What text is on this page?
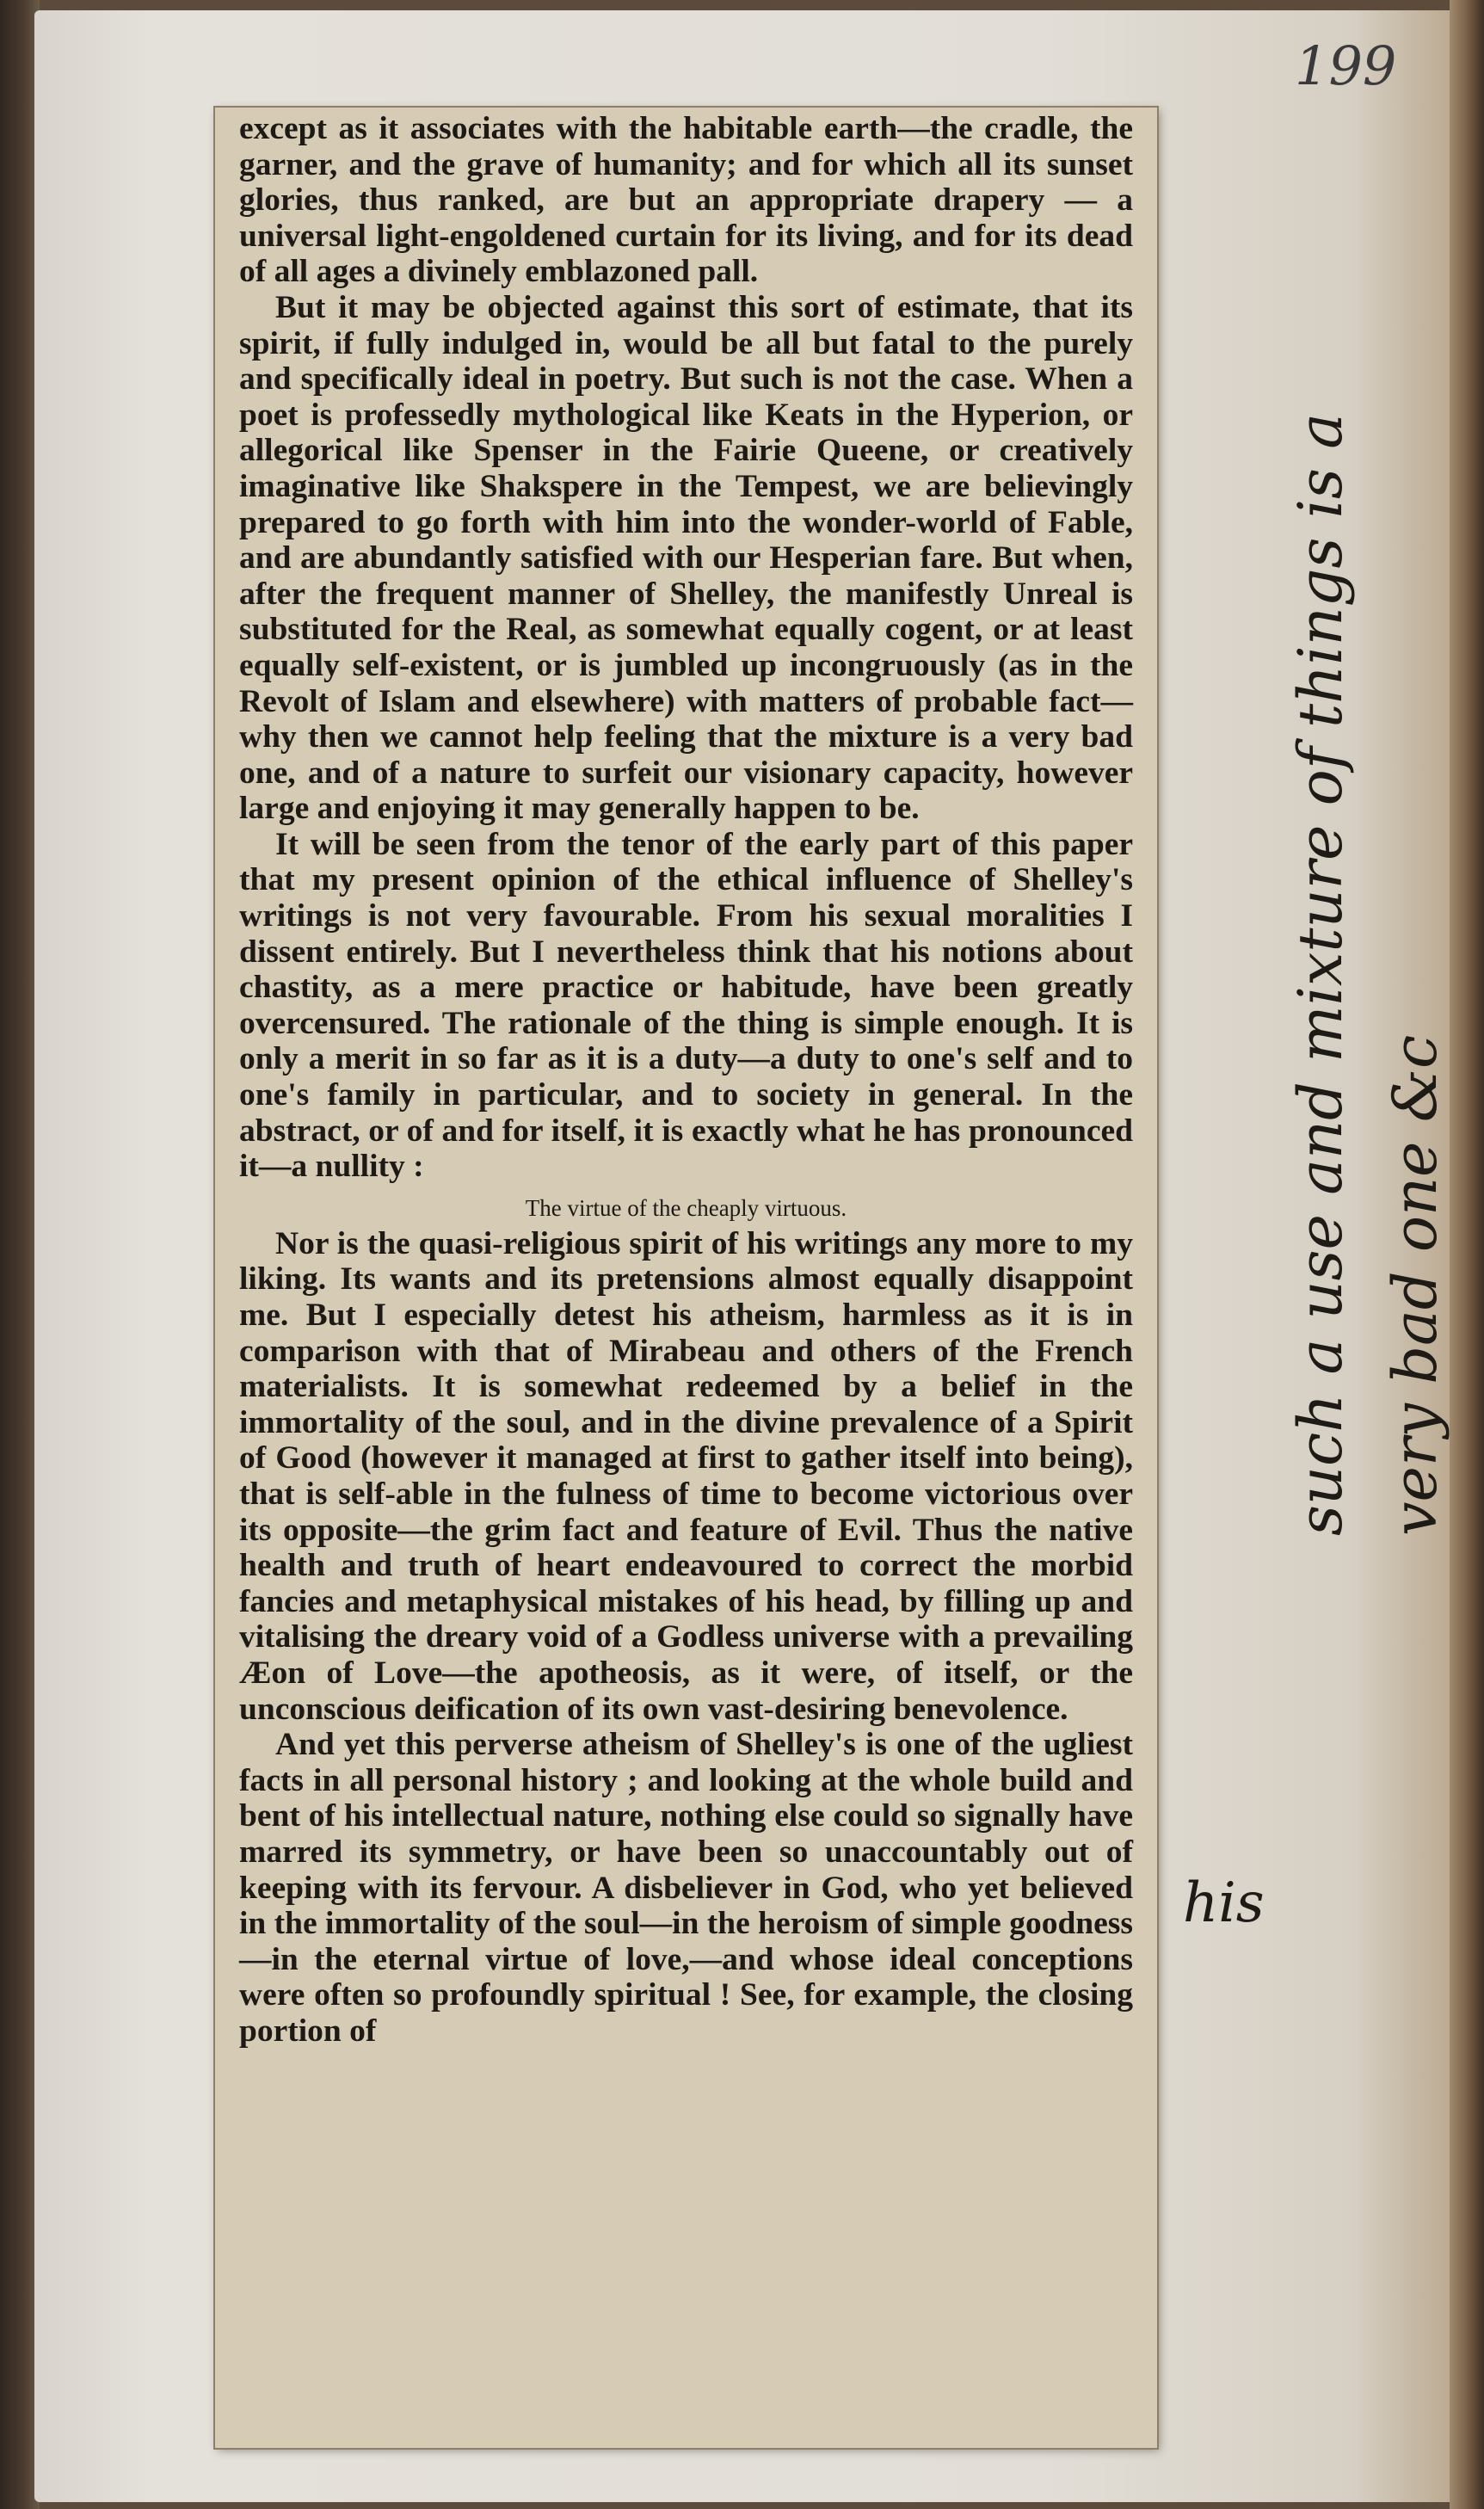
199

except as it associates with the habitable earth—the cradle, the garner, and the grave of humanity; and for which all its sunset glories, thus ranked, are but an appropriate drapery — a universal light-engoldened curtain for its living, and for its dead of all ages a divinely emblazoned pall.

But it may be objected against this sort of estimate, that its spirit, if fully indulged in, would be all but fatal to the purely and specifically ideal in poetry. But such is not the case. When a poet is professedly mythological like Keats in the Hyperion, or allegorical like Spenser in the Fairie Queene, or creatively imaginative like Shakspere in the Tempest, we are believingly prepared to go forth with him into the wonder-world of Fable, and are abundantly satisfied with our Hesperian fare. But when, after the frequent manner of Shelley, the manifestly Unreal is substituted for the Real, as somewhat equally cogent, or at least equally self-existent, or is jumbled up incongruously (as in the Revolt of Islam and elsewhere) with matters of probable fact—why then we cannot help feeling that the mixture is a very bad one, and of a nature to surfeit our visionary capacity, however large and enjoying it may generally happen to be.

It will be seen from the tenor of the early part of this paper that my present opinion of the ethical influence of Shelley's writings is not very favourable. From his sexual moralities I dissent entirely. But I nevertheless think that his notions about chastity, as a mere practice or habitude, have been greatly overcensured. The rationale of the thing is simple enough. It is only a merit in so far as it is a duty—a duty to one's self and to one's family in particular, and to society in general. In the abstract, or of and for itself, it is exactly what he has pronounced it—a nullity :

The virtue of the cheaply virtuous.

Nor is the quasi-religious spirit of his writings any more to my liking. Its wants and its pretensions almost equally disappoint me. But I especially detest his atheism, harmless as it is in comparison with that of Mirabeau and others of the French materialists. It is somewhat redeemed by a belief in the immortality of the soul, and in the divine prevalence of a Spirit of Good (however it managed at first to gather itself into being), that is self-able in the fulness of time to become victorious over its opposite—the grim fact and feature of Evil. Thus the native health and truth of heart endeavoured to correct the morbid fancies and metaphysical mistakes of his head, by filling up and vitalising the dreary void of a Godless universe with a prevailing Æon of Love—the apotheosis, as it were, of itself, or the unconscious deification of its own vast-desiring benevolence.

And yet this perverse atheism of Shelley's is one of the ugliest facts in all personal history ; and looking at the whole build and bent of his intellectual nature, nothing else could so signally have marred its symmetry, or have been so unaccountably out of keeping with its fervour. A disbeliever in God, who yet believed in the immortality of the soul—in the heroism of simple goodness—in the eternal virtue of love,—and whose ideal conceptions were often so profoundly spiritual ! See, for example, the closing portion of

such a use and mixture of things is a very bad one &c
his
